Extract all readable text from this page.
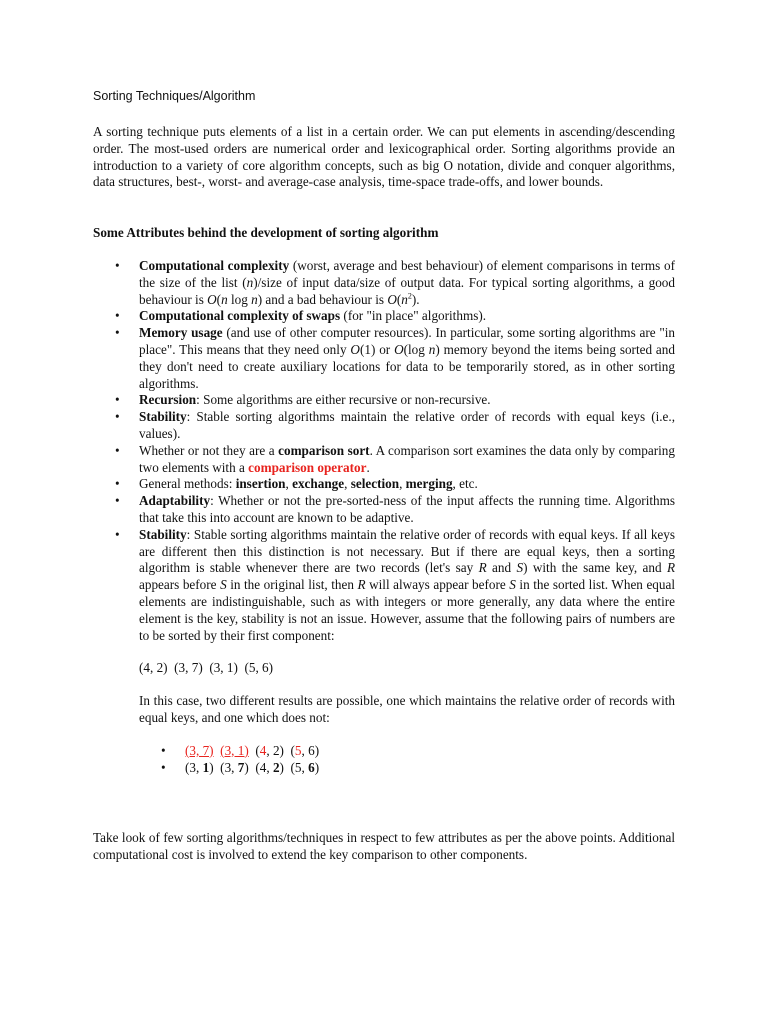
Sorting Techniques/Algorithm

A sorting technique puts elements of a list in a certain order. We can put elements in ascending/descending order. The most-used orders are numerical order and lexicographical order. Sorting algorithms provide an introduction to a variety of core algorithm concepts, such as big O notation, divide and conquer algorithms, data structures, best-, worst- and average-case analysis, time-space trade-offs, and lower bounds.

Some Attributes behind the development of sorting algorithm
• Computational complexity (worst, average and best behaviour) of element comparisons in terms of the size of the list (n)/size of input data/size of output data. For typical sorting algorithms, a good behaviour is O(n log n) and a bad behaviour is $O(n^2)$.
• Computational complexity of swaps (for "in place" algorithms).
• Memory usage (and use of other computer resources). In particular, some sorting algorithms are "in place". This means that they need only O(1) or O(log n) memory beyond the items being sorted and they don't need to create auxiliary locations for data to be temporarily stored, as in other sorting algorithms.
• Recursion: Some algorithms are either recursive or non-recursive.
• Stability: Stable sorting algorithms maintain the relative order of records with equal keys (i.e., values).
• Whether or not they are a comparison sort. A comparison sort examines the data only by comparing two elements with a comparison operator.
• General methods: insertion, exchange, selection, merging, etc.
• Adaptability: Whether or not the pre-sorted-ness of the input affects the running time. Algorithms that take this into account are known to be adaptive.
• Stability: Stable sorting algorithms maintain the relative order of records with equal keys. If all keys are different then this distinction is not necessary. But if there are equal keys, then a sorting algorithm is stable whenever there are two records (let's say R and S) with the same key, and R appears before S in the original list, then R will always appear before S in the sorted list. When equal elements are indistinguishable, such as with integers or more generally, any data where the entire element is the key, stability is not an issue. However, assume that the following pairs of numbers are to be sorted by their first component:
(4, 2)  (3, 7)  (3, 1)  (5, 6)
In this case, two different results are possible, one which maintains the relative order of records with equal keys, and one which does not:
• (3, 7) (3, 1)  (4, 2)  (5, 6)
• (3, 1)  (3, 7)  (4, 2)  (5, 6)

Take look of few sorting algorithms/techniques in respect to few attributes as per the above points. Additional computational cost is involved to extend the key comparison to other components.
